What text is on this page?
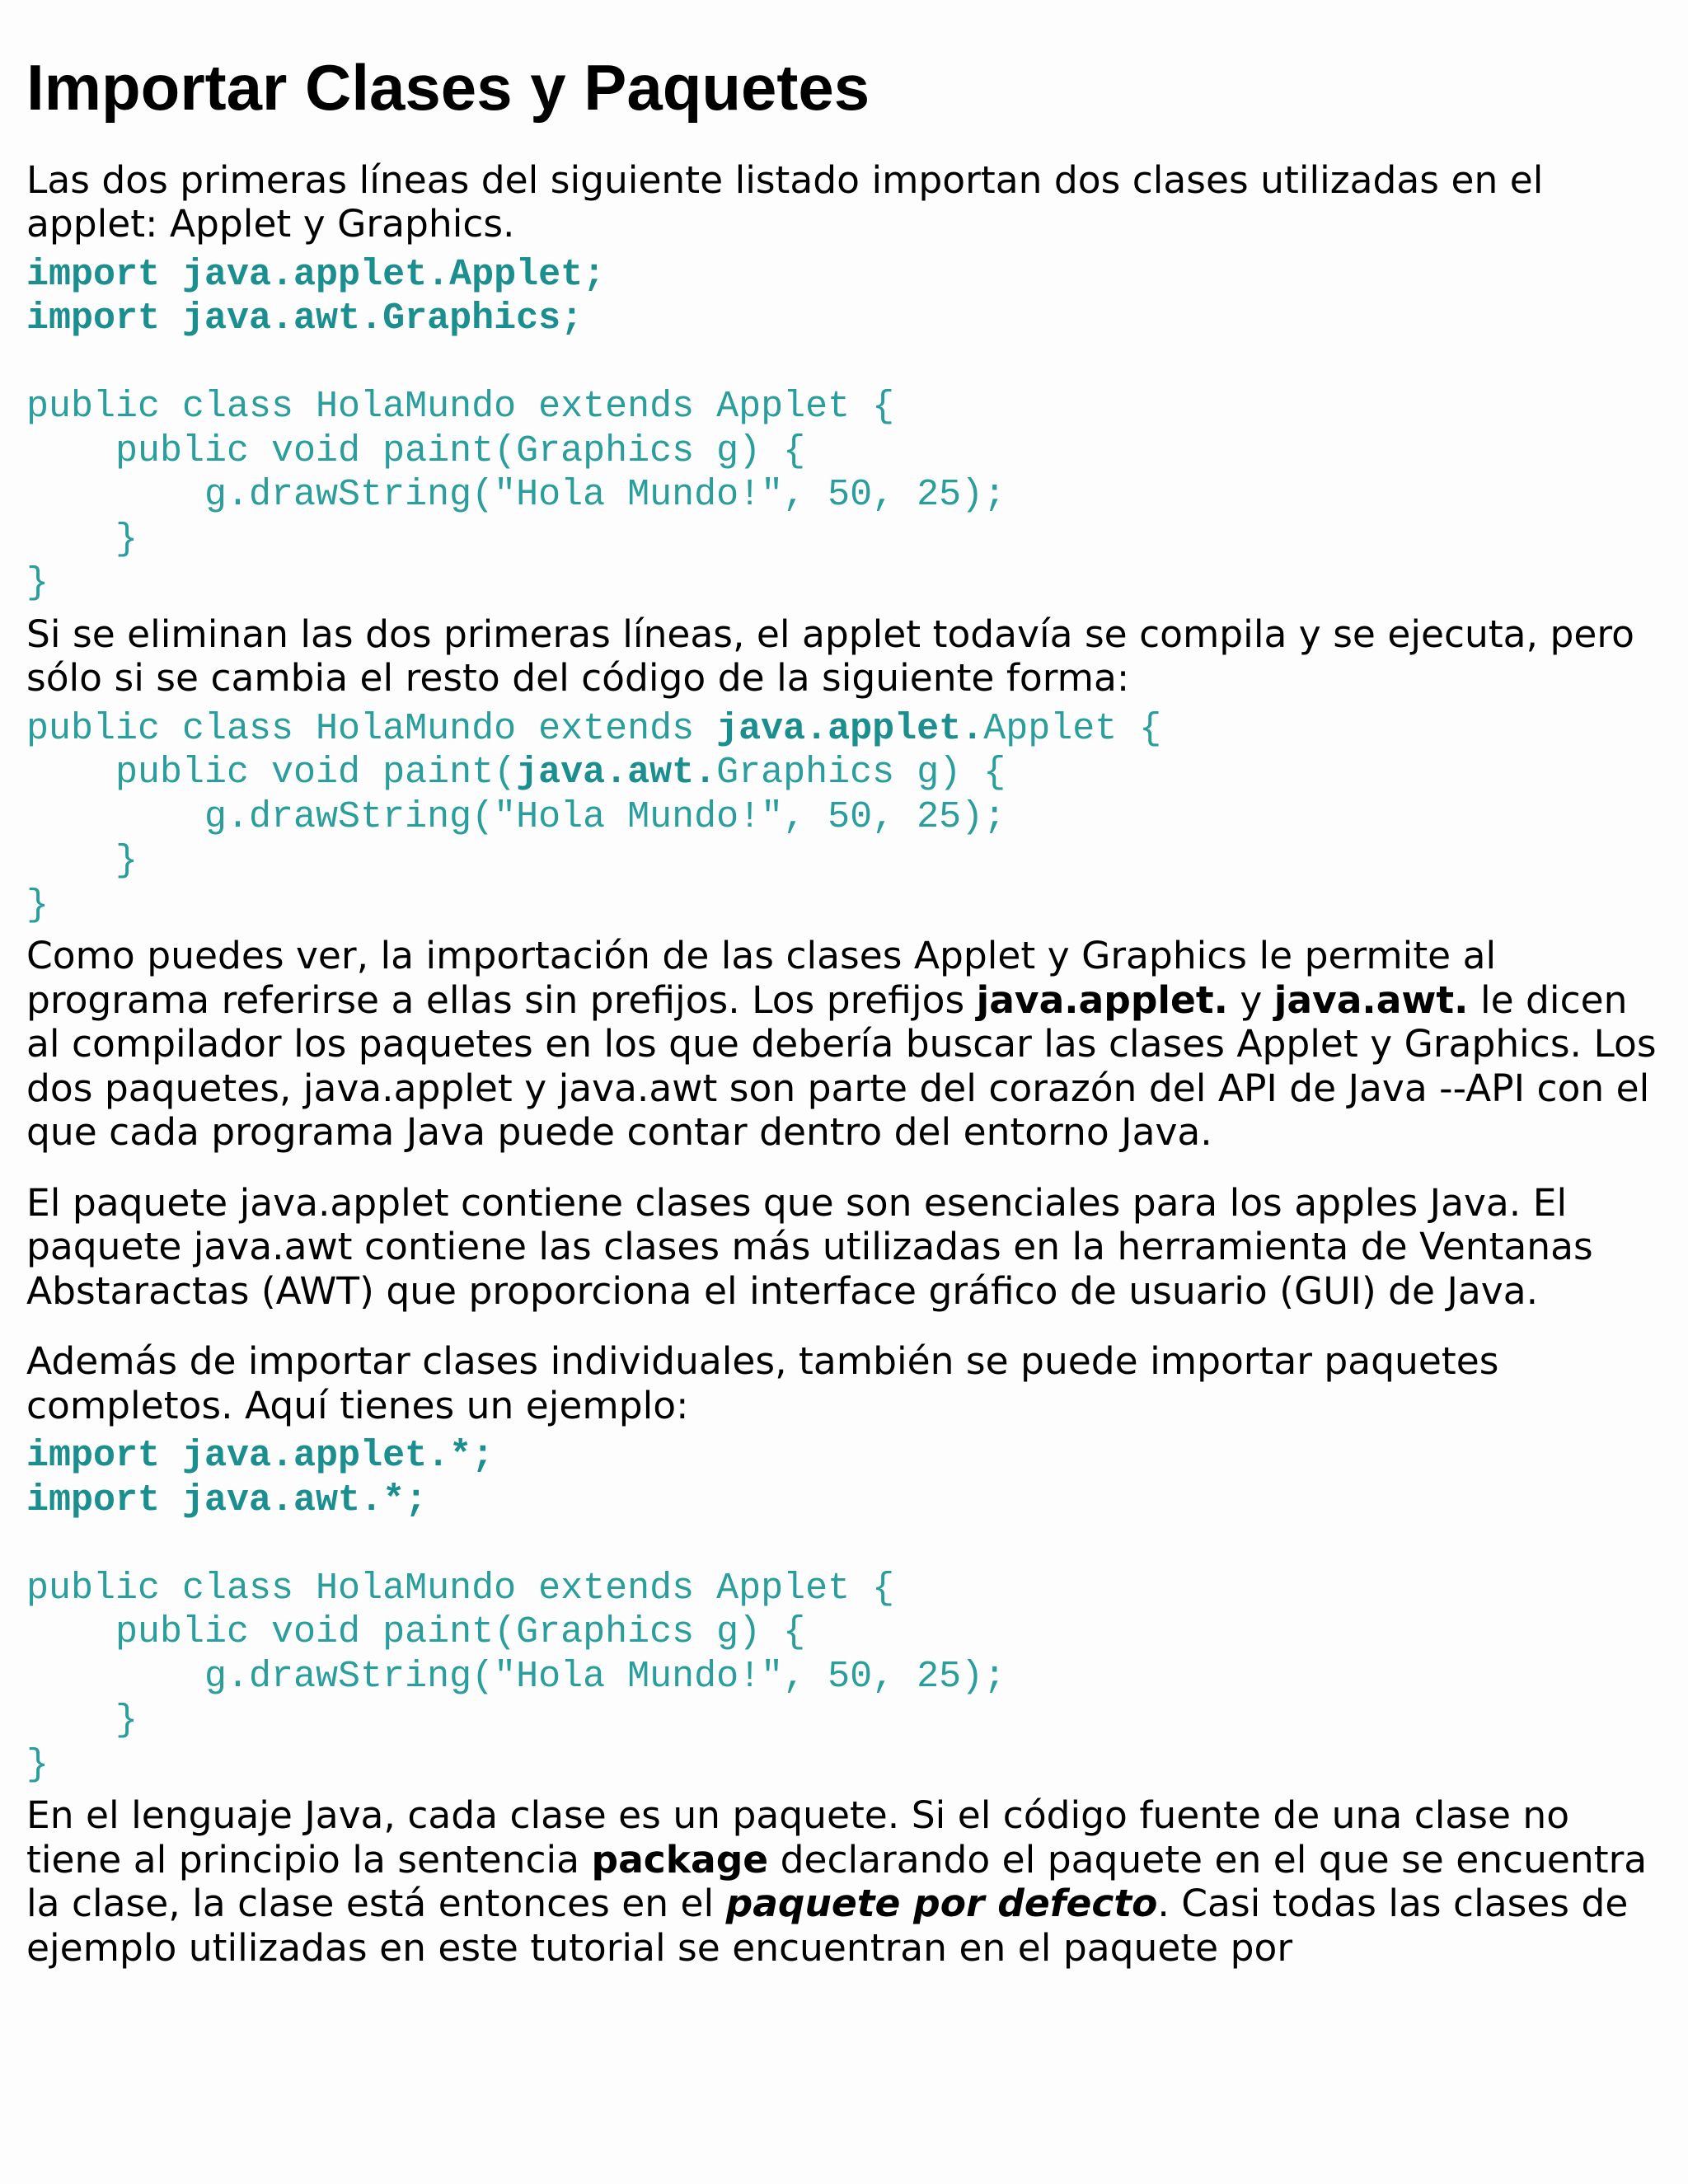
Importar Clases y Paquetes

Las dos primeras líneas del siguiente listado importan dos clases utilizadas en el applet: Applet y Graphics.

import java.applet.Applet;
import java.awt.Graphics;

public class HolaMundo extends Applet {
public void paint(Graphics g) {
g.drawString("Hola Mundo!", 50, 25);
}
}

Si se eliminan las dos primeras líneas, el applet todavía se compila y se ejecuta, pero sólo si se cambia el resto del código de la siguiente forma:

public class HolaMundo extends java.applet.Applet {
public void paint(java.awt.Graphics g) {
g.drawString("Hola Mundo!", 50, 25);
}
}

Como puedes ver, la importación de las clases Applet y Graphics le permite al programa referirse a ellas sin prefijos. Los prefijos java.applet. y java.awt. le dicen al compilador los paquetes en los que debería buscar las clases Applet y Graphics. Los dos paquetes, java.applet y java.awt son parte del corazón del API de Java --API con el que cada programa Java puede contar dentro del entorno Java.

El paquete java.applet contiene clases que son esenciales para los apples Java. El paquete java.awt contiene las clases más utilizadas en la herramienta de Ventanas Abstaractas (AWT) que proporciona el interface gráfico de usuario (GUI) de Java.

Además de importar clases individuales, también se puede importar paquetes completos. Aquí tienes un ejemplo:

import java.applet.*;
import java.awt.*;

public class HolaMundo extends Applet {
public void paint(Graphics g) {
g.drawString("Hola Mundo!", 50, 25);
}
}

En el lenguaje Java, cada clase es un paquete. Si el código fuente de una clase no tiene al principio la sentencia package declarando el paquete en el que se encuentra la clase, la clase está entonces en el paquete por defecto. Casi todas las clases de ejemplo utilizadas en este tutorial se encuentran en el paquete por
